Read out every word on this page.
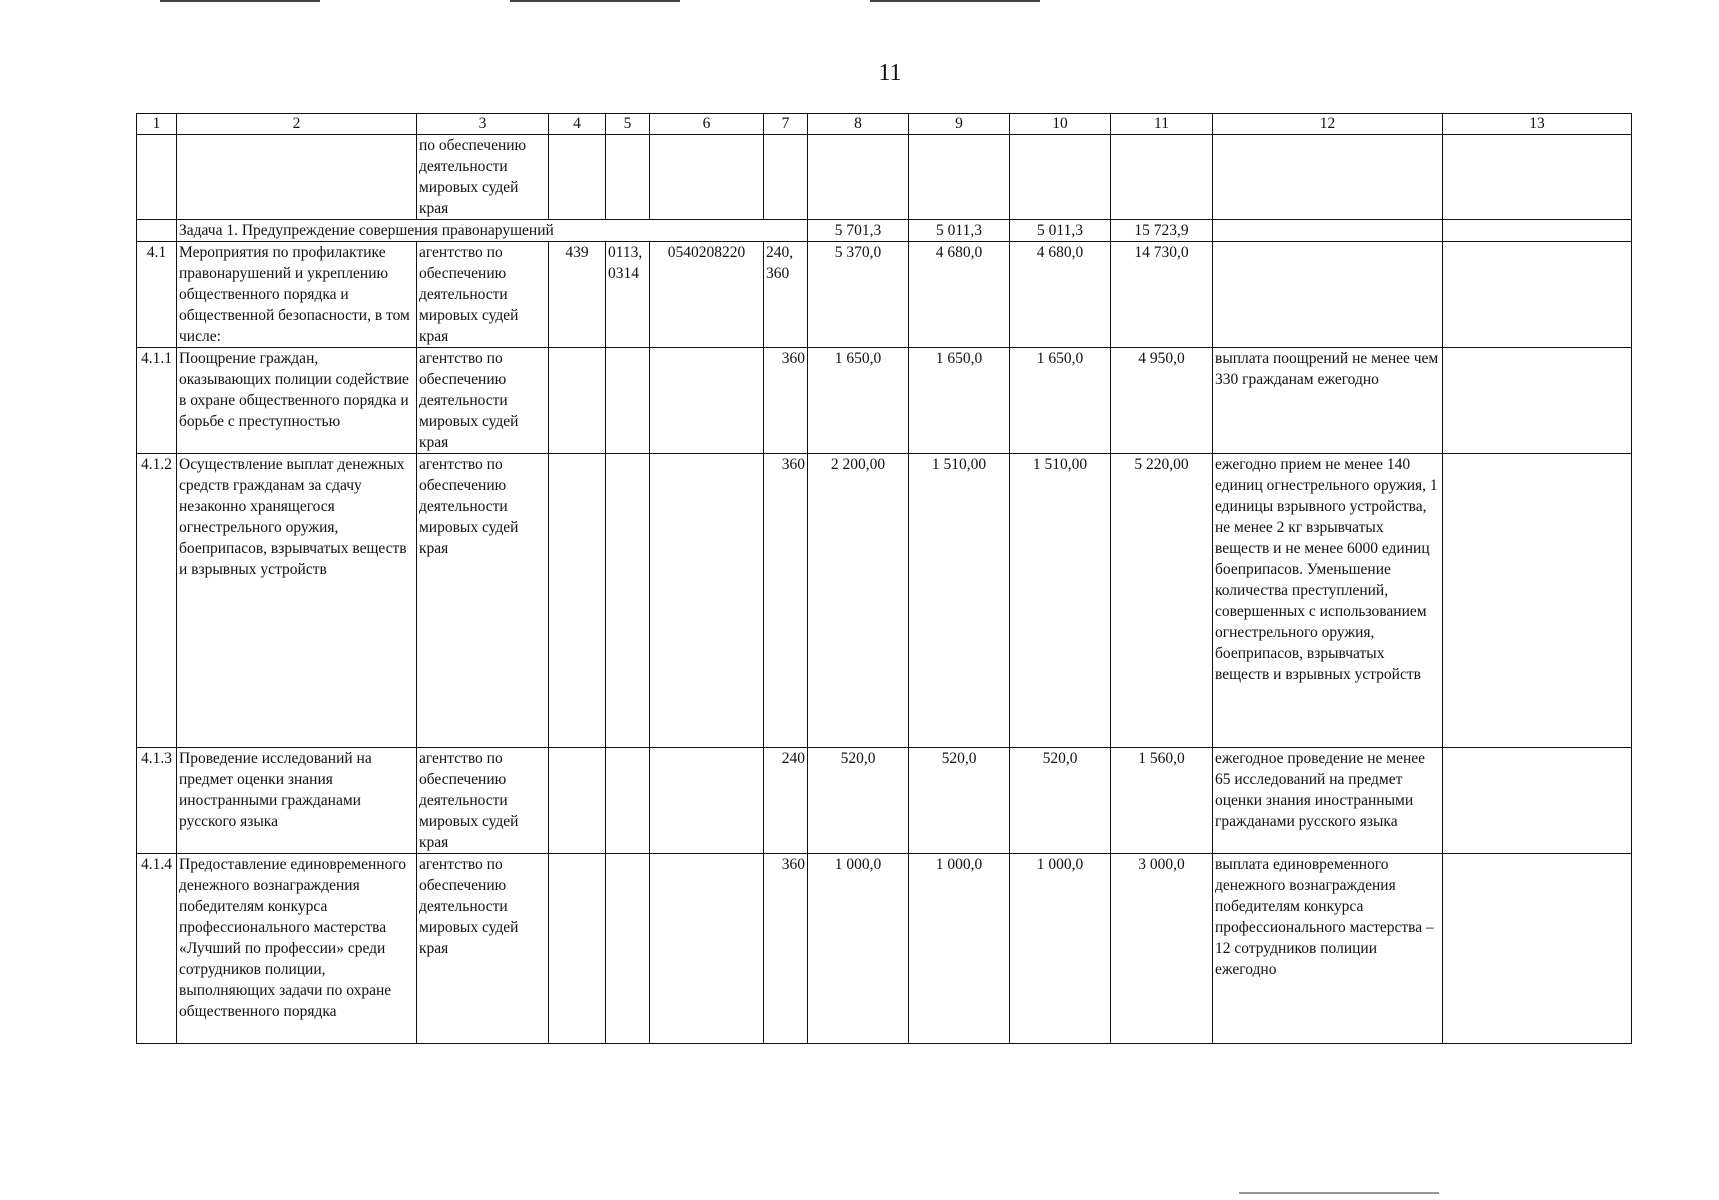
11
1	2	3	4	5	6	7	8	9	10	11	12	13
		по обеспечению деятельности мировых судей края										
	Задача 1. Предупреждение совершения правонарушений						5 701,3	5 011,3	5 011,3	15 723,9		
4.1	Мероприятия по профилактике правонарушений и укреплению общественного порядка и общественной безопасности, в том числе:	агентство по обеспечению деятельности мировых судей края	439	0113, 0314	0540208220	240, 360	5 370,0	4 680,0	4 680,0	14 730,0		
4.1.1	Поощрение граждан, оказывающих полиции содействие в охране общественного порядка и борьбе с преступностью	агентство по обеспечению деятельности мировых судей края				360	1 650,0	1 650,0	1 650,0	4 950,0	выплата поощрений не менее чем 330 гражданам ежегодно	
4.1.2	Осуществление выплат денежных средств гражданам за сдачу незаконно хранящегося огнестрельного оружия, боеприпасов, взрывчатых веществ и взрывных устройств	агентство по обеспечению деятельности мировых судей края				360	2 200,00	1 510,00	1 510,00	5 220,00	ежегодно прием не менее 140 единиц огнестрельного оружия, 1 единицы взрывного устройства, не менее 2 кг взрывчатых веществ и не менее 6000 единиц боеприпасов. Уменьшение количества преступлений, совершенных с использованием огнестрельного оружия, боеприпасов, взрывчатых веществ и взрывных устройств	
4.1.3	Проведение исследований на предмет оценки знания иностранными гражданами русского языка	агентство по обеспечению деятельности мировых судей края				240	520,0	520,0	520,0	1 560,0	ежегодное проведение не менее 65 исследований на предмет оценки знания иностранными гражданами русского языка	
4.1.4	Предоставление единовременного денежного вознаграждения победителям конкурса профессионального мастерства «Лучший по профессии» среди сотрудников полиции, выполняющих задачи по охране общественного порядка	агентство по обеспечению деятельности мировых судей края				360	1 000,0	1 000,0	1 000,0	3 000,0	выплата единовременного денежного вознаграждения победителям конкурса профессионального мастерства – 12 сотрудников полиции ежегодно	
